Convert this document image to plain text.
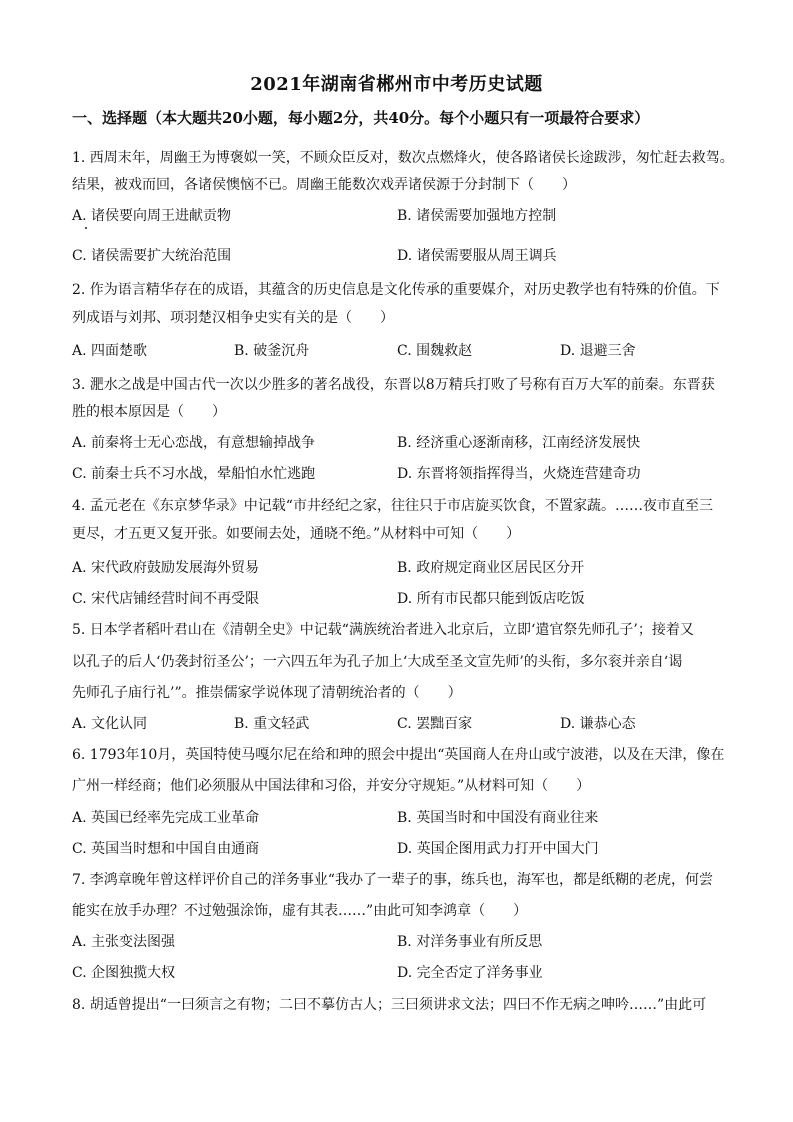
2021年湖南省郴州市中考历史试题
一、选择题（本大题共20小题，每小题2分，共40分。每个小题只有一项最符合要求）
1. 西周末年，周幽王为博褒姒一笑，不顾众臣反对，数次点燃烽火，使各路诸侯长途跋涉，匆忙赶去救驾。
结果，被戏而回，各诸侯懊恼不已。周幽王能数次戏弄诸侯源于分封制下（　　）
A. 诸侯要向周王进献贡物	B. 诸侯需要加强地方控制
C. 诸侯需要扩大统治范围	D. 诸侯需要服从周王调兵
2. 作为语言精华存在的成语，其蕴含的历史信息是文化传承的重要媒介，对历史教学也有特殊的价值。下
列成语与刘邦、项羽楚汉相争史实有关的是（　　）
A. 四面楚歌	B. 破釜沉舟	C. 围魏救赵	D. 退避三舍
3. 淝水之战是中国古代一次以少胜多的著名战役，东晋以8万精兵打败了号称有百万大军的前秦。东晋获
胜的根本原因是（　　）
A. 前秦将士无心恋战，有意想输掉战争	B. 经济重心逐渐南移，江南经济发展快
C. 前秦士兵不习水战，晕船怕水忙逃跑	D. 东晋将领指挥得当，火烧连营建奇功
4. 孟元老在《东京梦华录》中记载“市井经纪之家，往往只于市店旋买饮食，不置家蔬。……夜市直至三
更尽，才五更又复开张。如要闹去处，通晓不绝。”从材料中可知（　　）
A. 宋代政府鼓励发展海外贸易	B. 政府规定商业区居民区分开
C. 宋代店铺经营时间不再受限	D. 所有市民都只能到饭店吃饭
5. 日本学者稻叶君山在《清朝全史》中记载“满族统治者进入北京后，立即‘遣官祭先师孔子’；接着又
以孔子的后人‘仍袭封衍圣公’；一六四五年为孔子加上‘大成至圣文宣先师’的头衔，多尔衮并亲自‘谒
先师孔子庙行礼’”。推崇儒家学说体现了清朝统治者的（　　）
A. 文化认同	B. 重文轻武	C. 罢黜百家	D. 谦恭心态
6. 1793年10月，英国特使马嘎尔尼在给和珅的照会中提出“英国商人在舟山或宁波港，以及在天津，像在
广州一样经商；他们必须服从中国法律和习俗，并安分守规矩。”从材料可知（　　）
A. 英国已经率先完成工业革命	B. 英国当时和中国没有商业往来
C. 英国当时想和中国自由通商	D. 英国企图用武力打开中国大门
7. 李鸿章晚年曾这样评价自己的洋务事业“我办了一辈子的事，练兵也，海军也，都是纸糊的老虎，何尝
能实在放手办理？不过勉强涂饰，虚有其表……”由此可知李鸿章（　　）
A. 主张变法图强	B. 对洋务事业有所反思
C. 企图独揽大权	D. 完全否定了洋务事业
8. 胡适曾提出“一曰须言之有物；二曰不摹仿古人；三曰须讲求文法；四曰不作无病之呻吟……”由此可
